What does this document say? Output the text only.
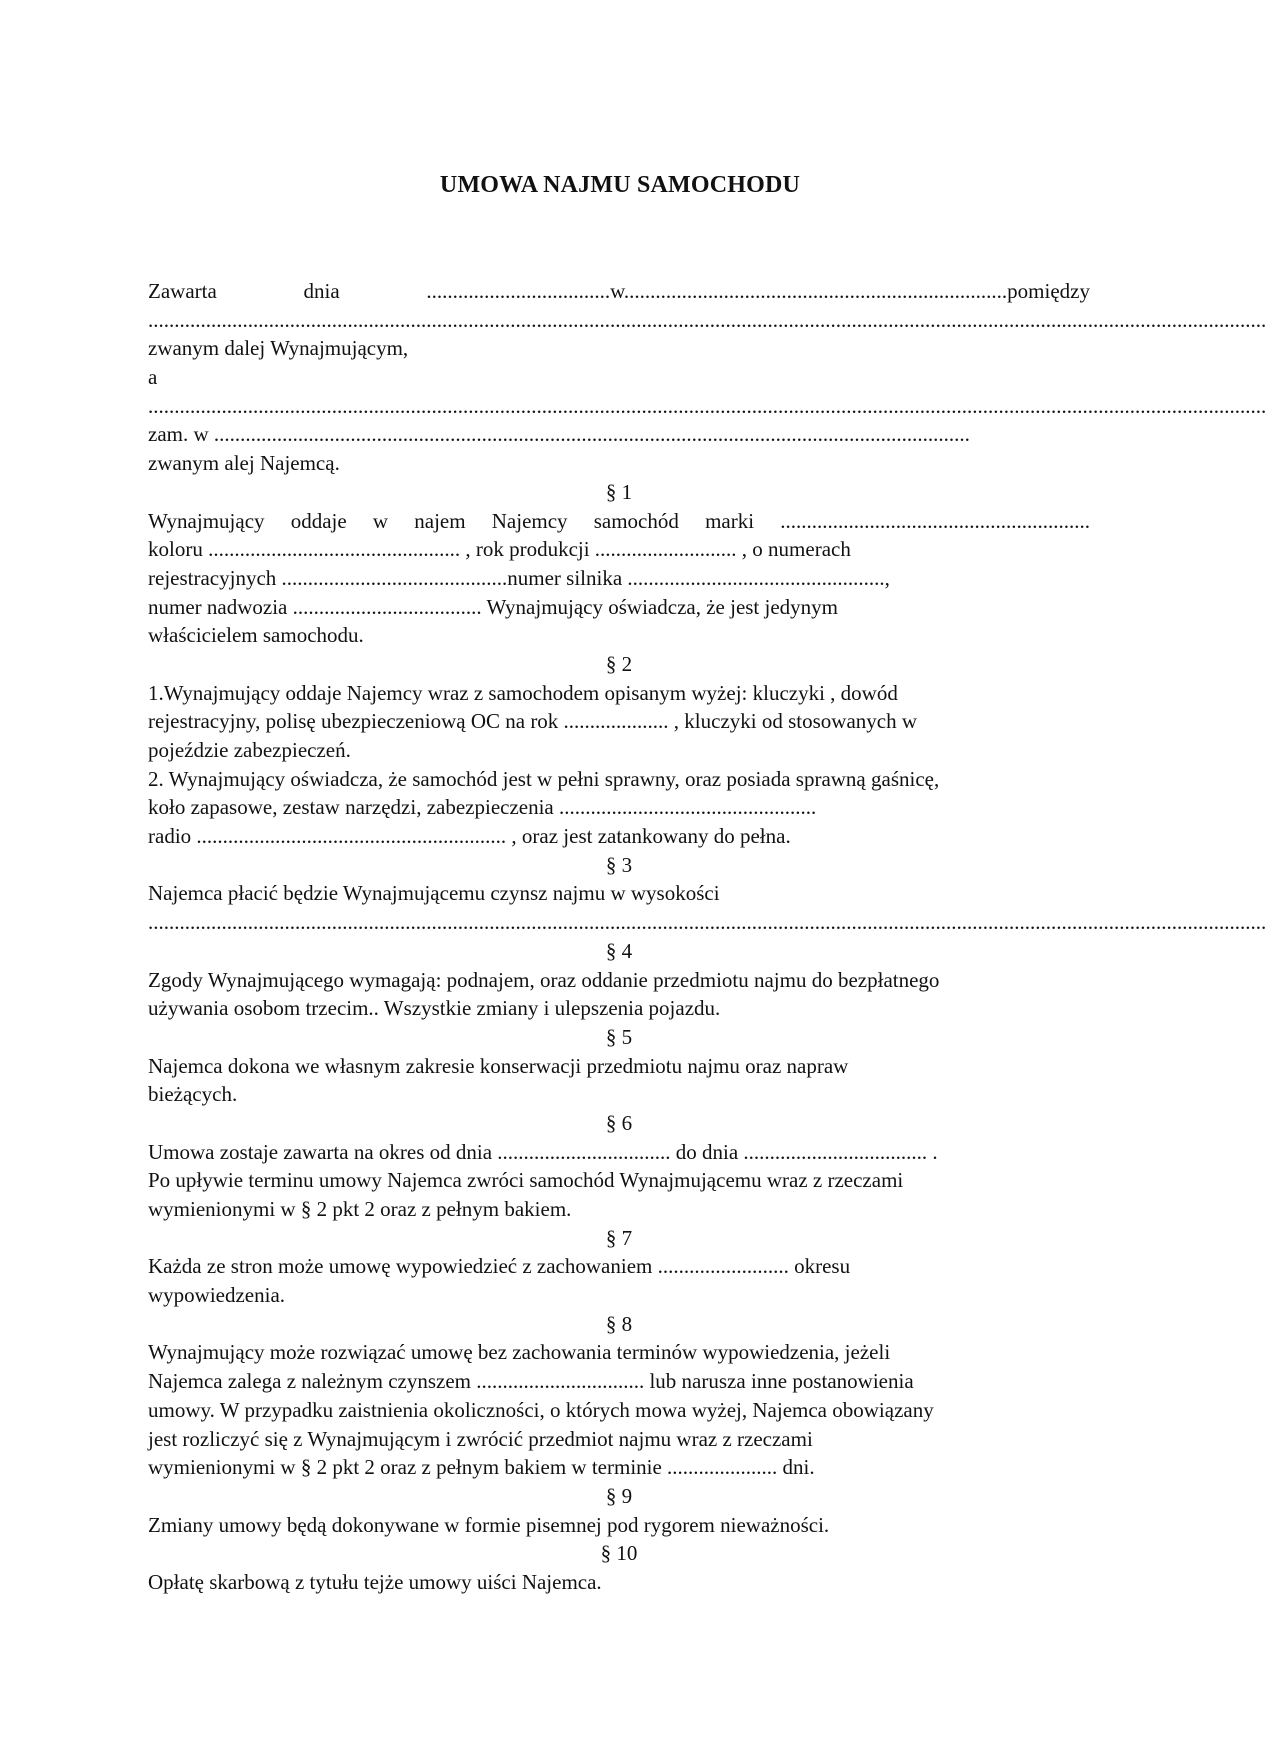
UMOWA NAJMU SAMOCHODU
Zawarta dnia ...................................w.........................................................................pomiędzy
.....................................................................................................................................................................................................................
zwanym dalej Wynajmującym,
a
.....................................................................................................................................................................................................................
zam. w ................................................................................................................................................
zwanym alej Najemcą.
§ 1
Wynajmujący oddaje w najem Najemcy samochód marki ...........................................................
koloru ................................................ , rok produkcji ........................... , o numerach
rejestracyjnych ...........................................numer silnika .................................................,
numer nadwozia .................................... Wynajmujący oświadcza, że jest jedynym
właścicielem samochodu.
§ 2
1.Wynajmujący oddaje Najemcy wraz z samochodem opisanym wyżej: kluczyki , dowód
rejestracyjny, polisę ubezpieczeniową OC na rok .................... , kluczyki od stosowanych w
pojeździe zabezpieczeń.
2. Wynajmujący oświadcza, że samochód jest w pełni sprawny, oraz posiada sprawną gaśnicę,
koło zapasowe, zestaw narzędzi, zabezpieczenia .................................................
radio ........................................................... , oraz jest zatankowany do pełna.
§ 3
Najemca płacić będzie Wynajmującemu czynsz najmu w wysokości
.....................................................................................................................................................................................................................
§ 4
Zgody Wynajmującego wymagają: podnajem, oraz oddanie przedmiotu najmu do bezpłatnego
używania osobom trzecim.. Wszystkie zmiany i ulepszenia pojazdu.
§ 5
Najemca dokona we własnym zakresie konserwacji przedmiotu najmu oraz napraw
bieżących.
§ 6
Umowa zostaje zawarta na okres od dnia ................................. do dnia ................................... .
Po upływie terminu umowy Najemca zwróci samochód Wynajmującemu wraz z rzeczami
wymienionymi w § 2 pkt 2 oraz z pełnym bakiem.
§ 7
Każda ze stron może umowę wypowiedzieć z zachowaniem ......................... okresu
wypowiedzenia.
§ 8
Wynajmujący może rozwiązać umowę bez zachowania terminów wypowiedzenia, jeżeli
Najemca zalega z należnym czynszem ................................ lub narusza inne postanowienia
umowy. W przypadku zaistnienia okoliczności, o których mowa wyżej, Najemca obowiązany
jest rozliczyć się z Wynajmującym i zwrócić przedmiot najmu wraz z rzeczami
wymienionymi w § 2 pkt 2 oraz z pełnym bakiem w terminie ..................... dni.
§ 9
Zmiany umowy będą dokonywane w formie pisemnej pod rygorem nieważności.
§ 10
Opłatę skarbową z tytułu tejże umowy uiści Najemca.
